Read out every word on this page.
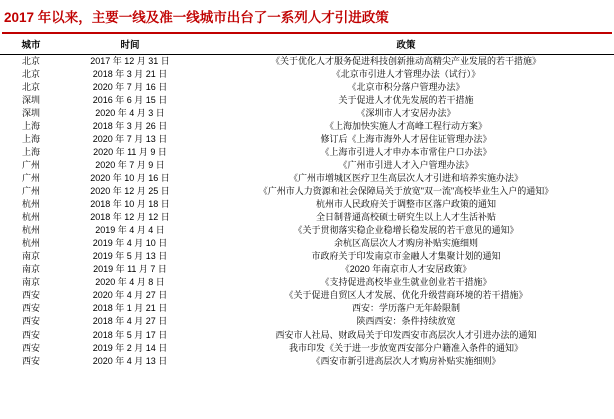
2017 年以来，主要一线及准一线城市出台了一系列人才引进政策
城市	时间	政策
北京	2017 年 12 月 31 日	《关于优化人才服务促进科技创新推动高精尖产业发展的若干措施》

北京	2018 年 3 月 21 日	《北京市引进人才管理办法（试行）》

北京	2020 年 7 月 16 日	《北京市积分落户管理办法》

深圳	2016 年 6 月 15 日	关于促进人才优先发展的若干措施

深圳	2020 年 4 月 3 日	《深圳市人才安居办法》

上海	2018 年 3 月 26 日	《上海加快实施人才高峰工程行动方案》

上海	2020 年 7 月 13 日	修订后《上海市海外人才居住证管理办法》

上海	2020 年 11 月 9 日	《上海市引进人才申办本市常住户口办法》

广州	2020 年 7 月 9 日	《广州市引进人才入户管理办法》

广州	2020 年 10 月 16 日	《广州市增城区医疗卫生高层次人才引进和培养实施办法》

广州	2020 年 12 月 25 日	《广州市人力资源和社会保障局关于放宽"双一流"高校毕业生入户的通知》

杭州	2018 年 10 月 18 日	杭州市人民政府关于调整市区落户政策的通知

杭州	2018 年 12 月 12 日	全日制普通高校硕士研究生以上人才生活补贴

杭州	2019 年 4 月 4 日	《关于贯彻落实稳企业稳增长稳发展的若干意见的通知》

杭州	2019 年 4 月 10 日	余杭区高层次人才购房补贴实施细则

南京	2019 年 5 月 13 日	市政府关于印发南京市金融人才集聚计划的通知

南京	2019 年 11 月 7 日	《2020 年南京市人才安居政策》

南京	2020 年 4 月 8 日	《支持促进高校毕业生就业创业若干措施》

西安	2020 年 4 月 27 日	《关于促进自贸区人才发展、优化升级营商环境的若干措施》

西安	2018 年 1 月 21 日	西安：学历落户无年龄限制

西安	2018 年 4 月 27 日	陕西西安：条件持续放宽

西安	2018 年 5 月 17 日	西安市人社局、财政局关于印发西安市高层次人才引进办法的通知

西安	2019 年 2 月 14 日	我市印发《关于进一步放宽西安部分户籍准入条件的通知》

西安	2020 年 4 月 13 日	《西安市新引进高层次人才购房补贴实施细则》
